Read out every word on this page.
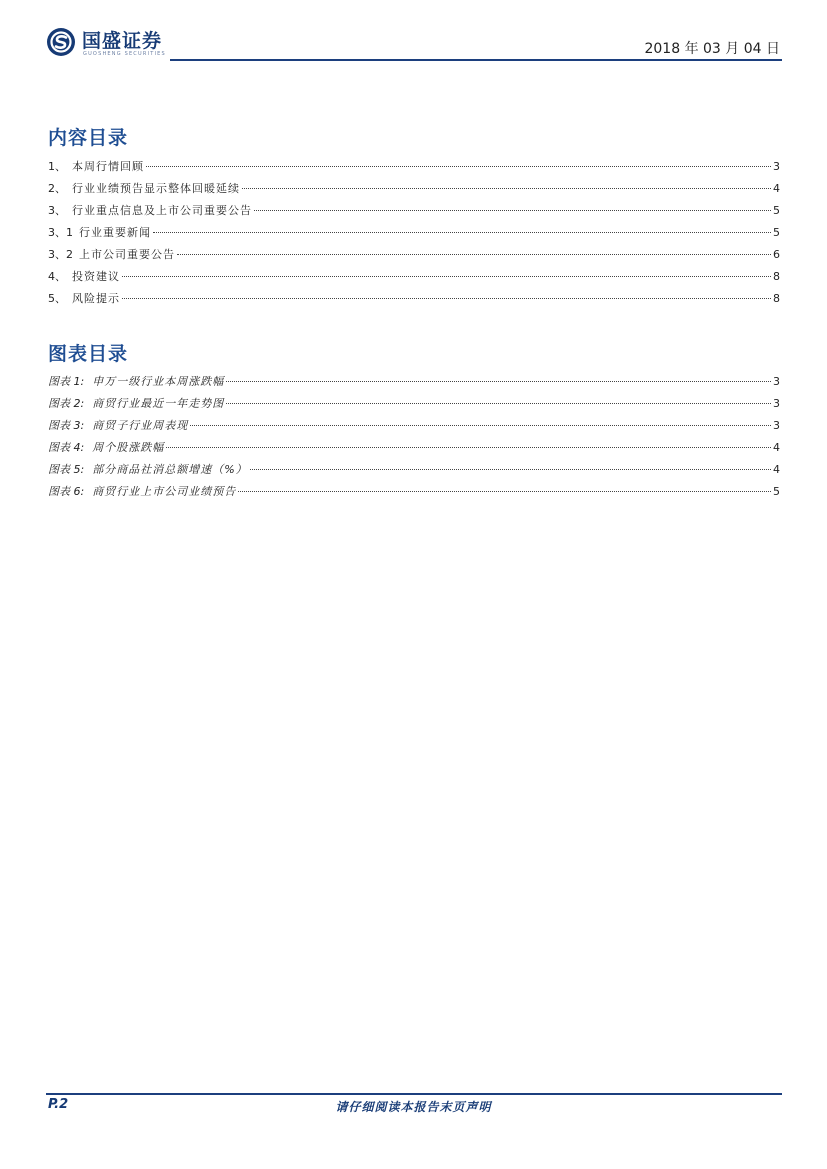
国盛证券
GUOSHENG SECURITIES	2018 年 03 月 04 日
内容目录
1、 本周行情回顾	3
2、 行业业绩预告显示整体回暖延续	4
3、 行业重点信息及上市公司重要公告	5
3、1 行业重要新闻	5
3、2 上市公司重要公告	6
4、 投资建议	8
5、 风险提示	8
图表目录
图表 1: 申万一级行业本周涨跌幅	3
图表 2: 商贸行业最近一年走势图	3
图表 3: 商贸子行业周表现	3
图表 4: 周个股涨跌幅	4
图表 5: 部分商品社消总额增速（%）	4
图表 6: 商贸行业上市公司业绩预告	5
P.2	请仔细阅读本报告末页声明
